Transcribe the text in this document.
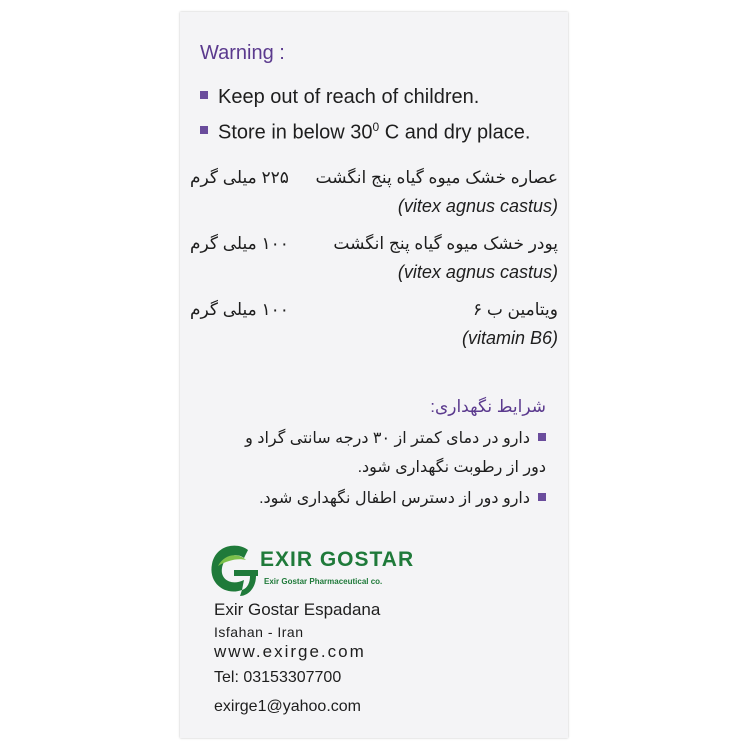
Warning :
Keep out of reach of children.
Store in below $30^0$ C and dry place.
عصاره خشک میوه گیاه پنج انگشت
۲۲۵ میلی گرم
(vitex agnus castus)
پودر خشک میوه گیاه پنج انگشت
۱۰۰ میلی گرم
(vitex agnus castus)
ویتامین ب ۶
۱۰۰ میلی گرم
(vitamin B6)
شرایط نگهداری:
دارو در دمای کمتر از ۳۰ درجه سانتی گراد و دور از رطوبت نگهداری شود.
دارو دور از دسترس اطفال نگهداری شود.
EXIR GOSTAR
Exir Gostar Pharmaceutical co.
Exir Gostar Espadana
Isfahan - Iran
www.exirge.com
Tel: 03153307700
exirge1@yahoo.com
